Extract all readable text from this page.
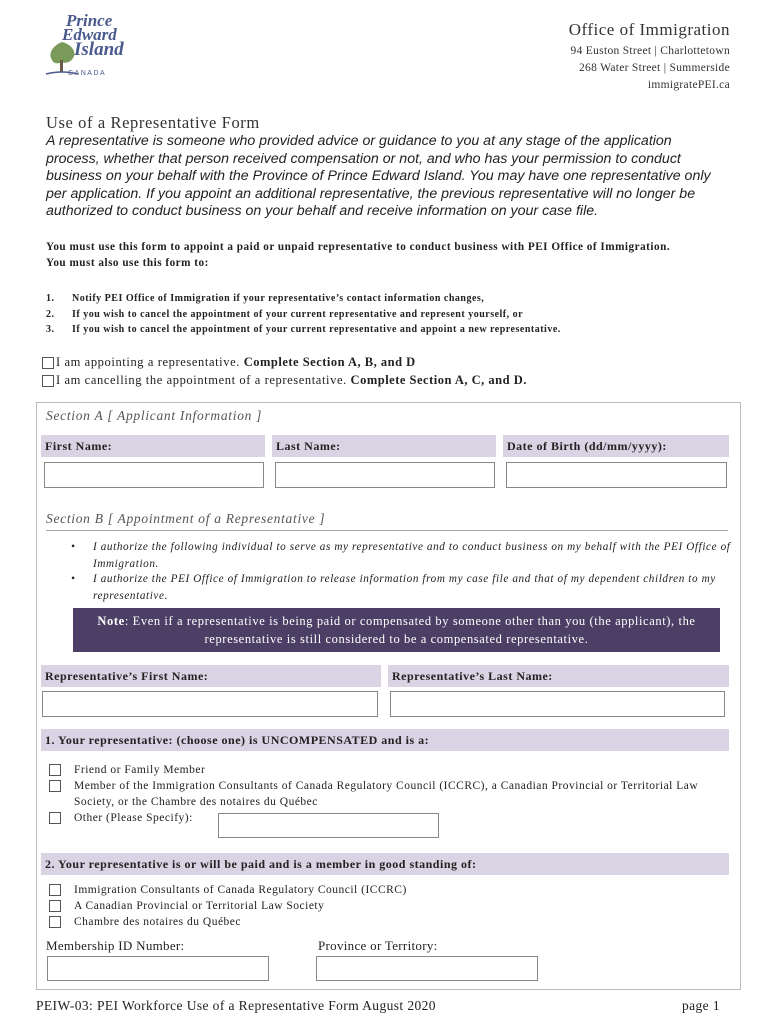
Prince
Edward
Island
CANADA
Office of Immigration
94 Euston Street | Charlottetown
268 Water Street | Summerside
immigratePEI.ca
Use of a Representative Form
A representative is someone who provided advice or guidance to you at any stage of the application process, whether that person received compensation or not, and who has your permission to conduct business on your behalf with the Province of Prince Edward Island. You may have one representative only per application. If you appoint an additional representative, the previous representative will no longer be authorized to conduct business on your behalf and receive information on your case file.
You must use this form to appoint a paid or unpaid representative to conduct business with PEI Office of Immigration.
You must also use this form to:
1. Notify PEI Office of Immigration if your representative’s contact information changes,
2. If you wish to cancel the appointment of your current representative and represent yourself, or
3. If you wish to cancel the appointment of your current representative and appoint a new representative.
I am appointing a representative. Complete Section A, B, and D
I am cancelling the appointment of a representative. Complete Section A, C, and D.
Section A [ Applicant Information ]
First Name:	Last Name:	Date of Birth (dd/mm/yyyy):
Section B [ Appointment of a Representative ]
• I authorize the following individual to serve as my representative and to conduct business on my behalf with the PEI Office of Immigration.
• I authorize the PEI Office of Immigration to release information from my case file and that of my dependent children to my representative.
Note: Even if a representative is being paid or compensated by someone other than you (the applicant), the representative is still considered to be a compensated representative.
Representative’s First Name:	Representative’s Last Name:
1. Your representative: (choose one) is UNCOMPENSATED and is a:
Friend or Family Member
Member of the Immigration Consultants of Canada Regulatory Council (ICCRC), a Canadian Provincial or Territorial Law Society, or the Chambre des notaires du Québec
Other (Please Specify):
2. Your representative is or will be paid and is a member in good standing of:
Immigration Consultants of Canada Regulatory Council (ICCRC)
A Canadian Provincial or Territorial Law Society
Chambre des notaires du Québec
Membership ID Number:	Province or Territory:
PEIW-03: PEI Workforce Use of a Representative Form August 2020	page 1
